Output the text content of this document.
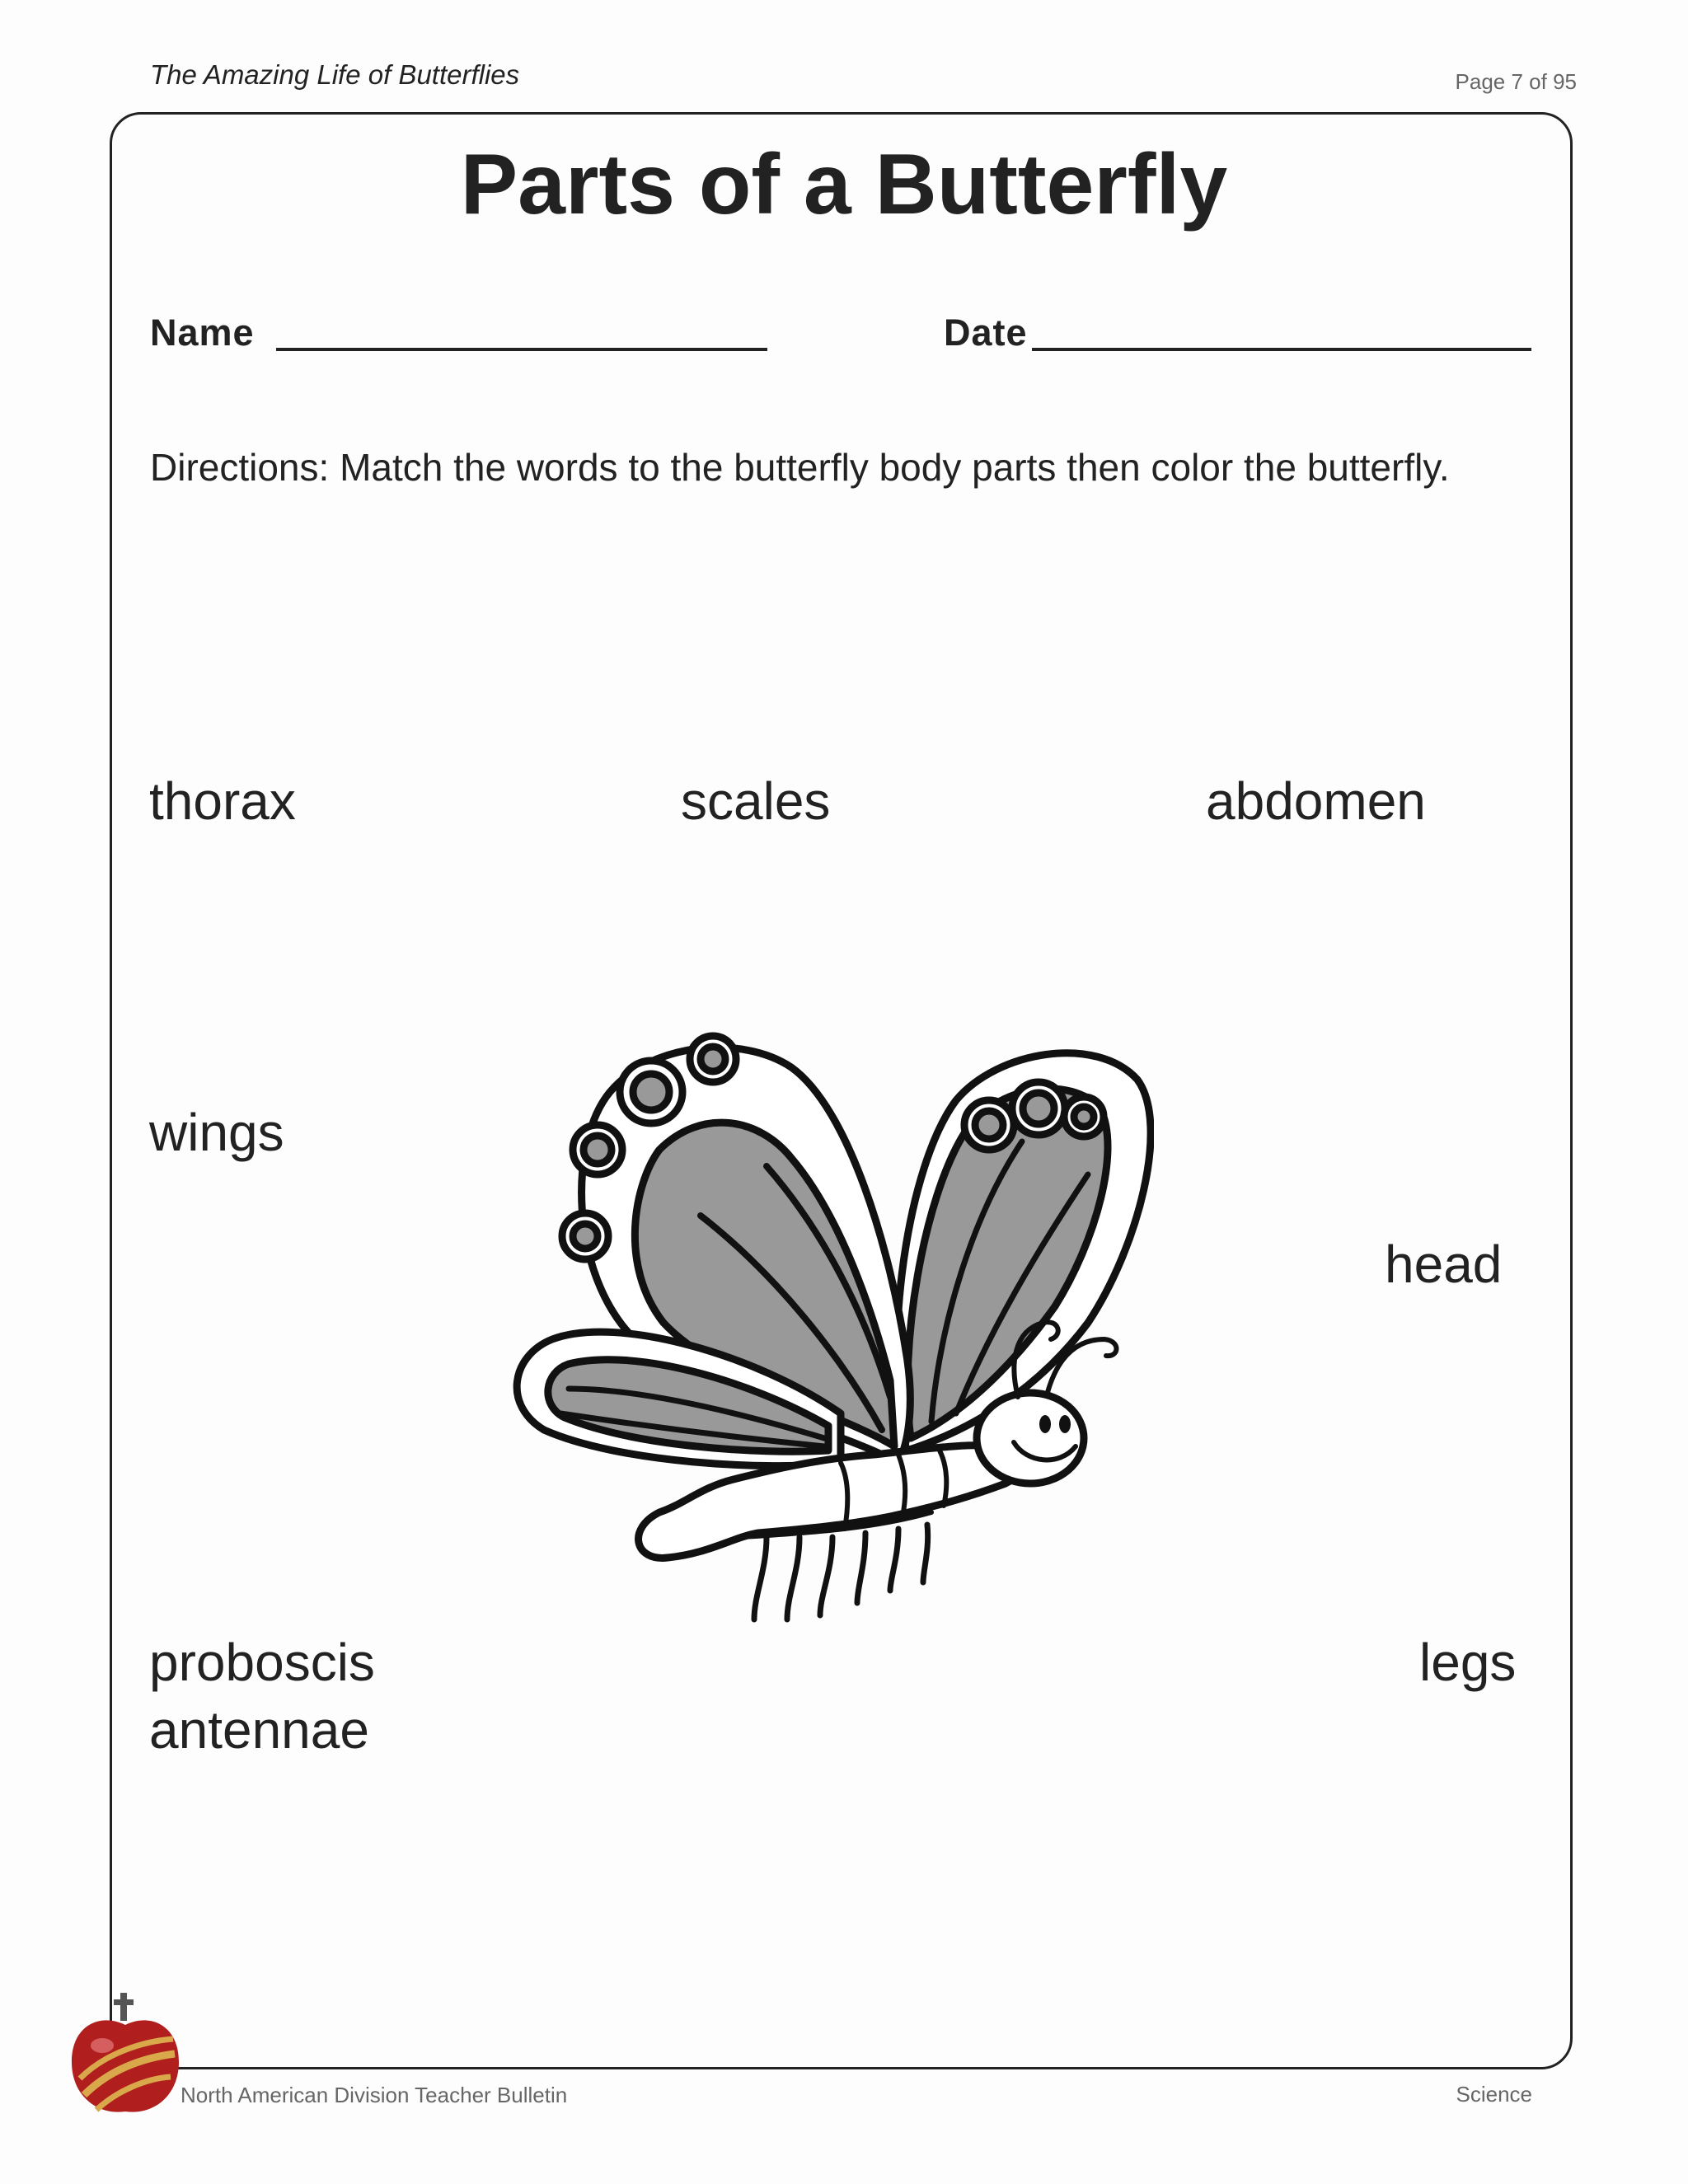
The Amazing Life of Butterflies	Page 7 of 95
Parts of a Butterfly
Name	Date
Directions: Match the words to the butterfly body parts then color the butterfly.
thorax	scales	abdomen
wings
head
proboscis	legs
antennae
North American Division Teacher Bulletin	Science
